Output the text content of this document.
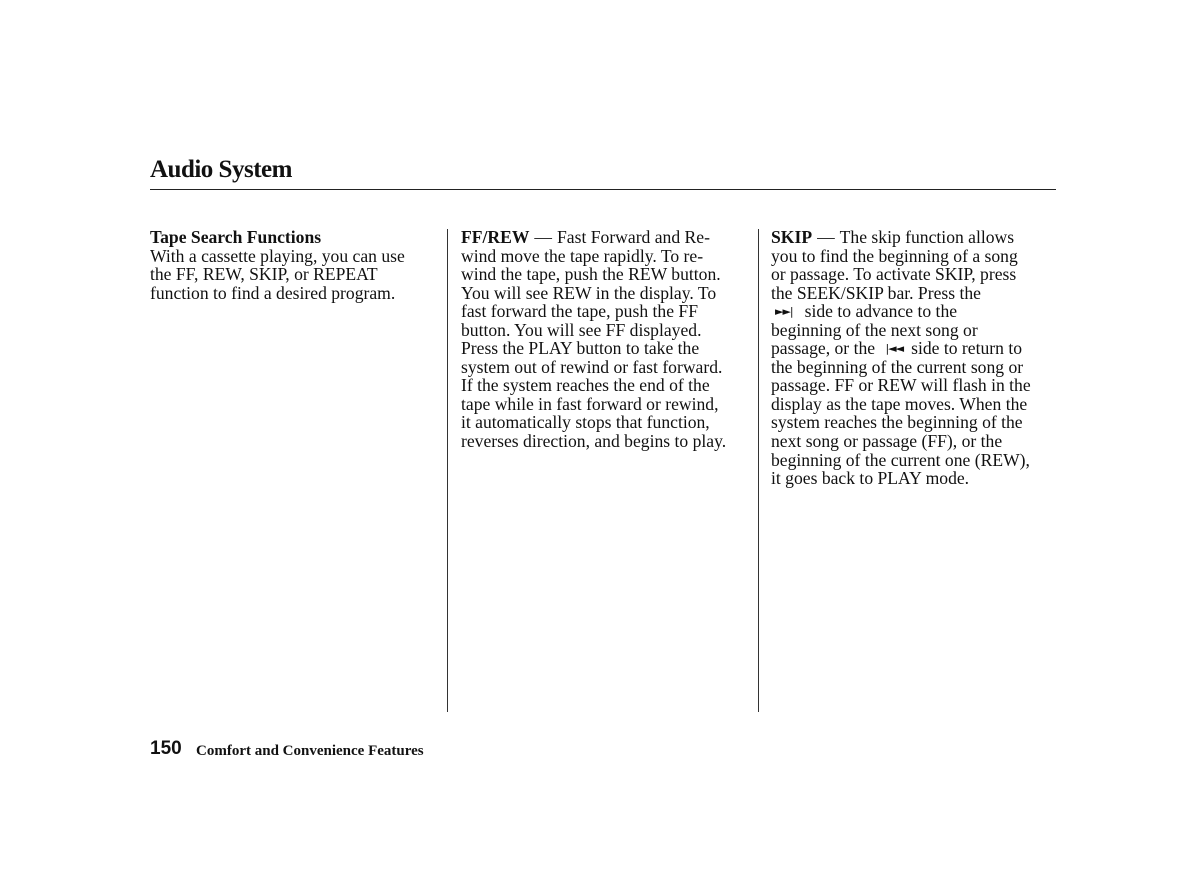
Audio System
Tape Search Functions
With a cassette playing, you can use
the FF, REW, SKIP, or REPEAT
function to find a desired program.
FF/REW — Fast Forward and Re-
wind move the tape rapidly. To re-
wind the tape, push the REW button.
You will see REW in the display. To
fast forward the tape, push the FF
button. You will see FF displayed.
Press the PLAY button to take the
system out of rewind or fast forward.
If the system reaches the end of the
tape while in fast forward or rewind,
it automatically stops that function,
reverses direction, and begins to play.
SKIP — The skip function allows
you to find the beginning of a song
or passage. To activate SKIP, press
the SEEK/SKIP bar. Press the
►►| side to advance to the
beginning of the next song or
passage, or the |◄◄ side to return to
the beginning of the current song or
passage. FF or REW will flash in the
display as the tape moves. When the
system reaches the beginning of the
next song or passage (FF), or the
beginning of the current one (REW),
it goes back to PLAY mode.
150 Comfort and Convenience Features
